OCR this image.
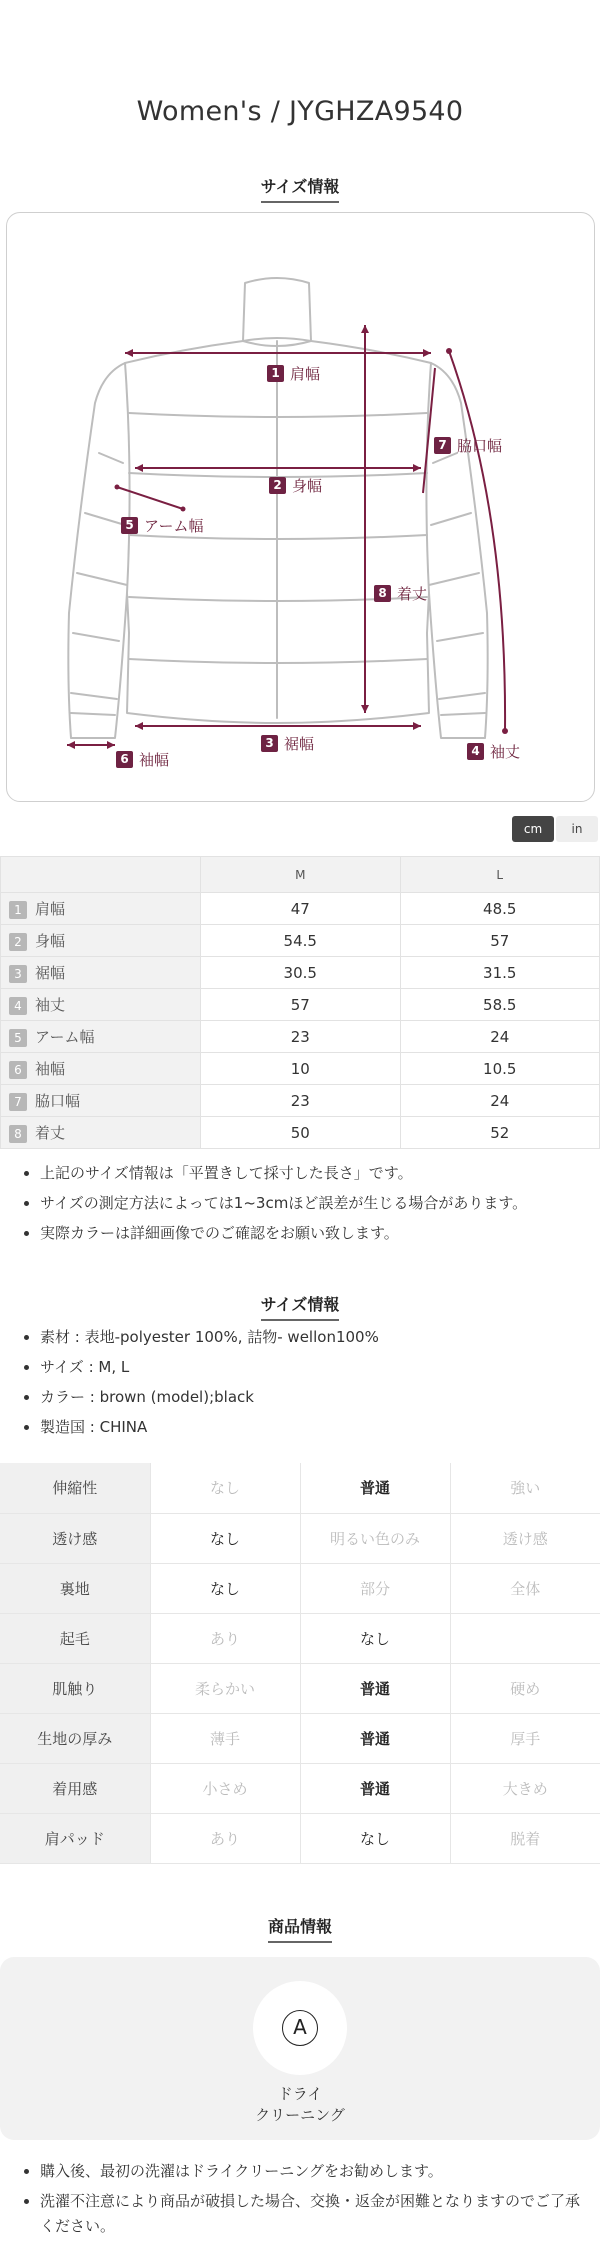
Women's / JYGHZA9540
サイズ情報
1 肩幅
2 身幅
3 裾幅	4 袖丈
5 アーム幅
6 袖幅
7 脇口幅
8 着丈
cm	in
	M	L
1 肩幅	47	48.5
2 身幅	54.5	57
3 裾幅	30.5	31.5
4 袖丈	57	58.5
5 アーム幅	23	24
6 袖幅	10	10.5
7 脇口幅	23	24
8 着丈	50	52
• 上記のサイズ情報は「平置きして採寸した長さ」です。
• サイズの測定方法によっては1~3cmほど誤差が生じる場合があります。
• 実際カラーは詳細画像でのご確認をお願い致します。
サイズ情報
• 素材 : 表地-polyester 100%, 詰物- wellon100%
• サイズ : M, L
• カラー : brown (model);black
• 製造国 : CHINA
伸縮性	なし	普通	強い
透け感	なし	明るい色のみ	透け感
裏地	なし	部分	全体
起毛	あり	なし	
肌触り	柔らかい	普通	硬め
生地の厚み	薄手	普通	厚手
着用感	小さめ	普通	大きめ
肩パッド	あり	なし	脱着
商品情報
A
ドライ
クリーニング
• 購入後、最初の洗濯はドライクリーニングをお勧めします。
• 洗濯不注意により商品が破損した場合、交換・返金が困難となりますのでご了承ください。
